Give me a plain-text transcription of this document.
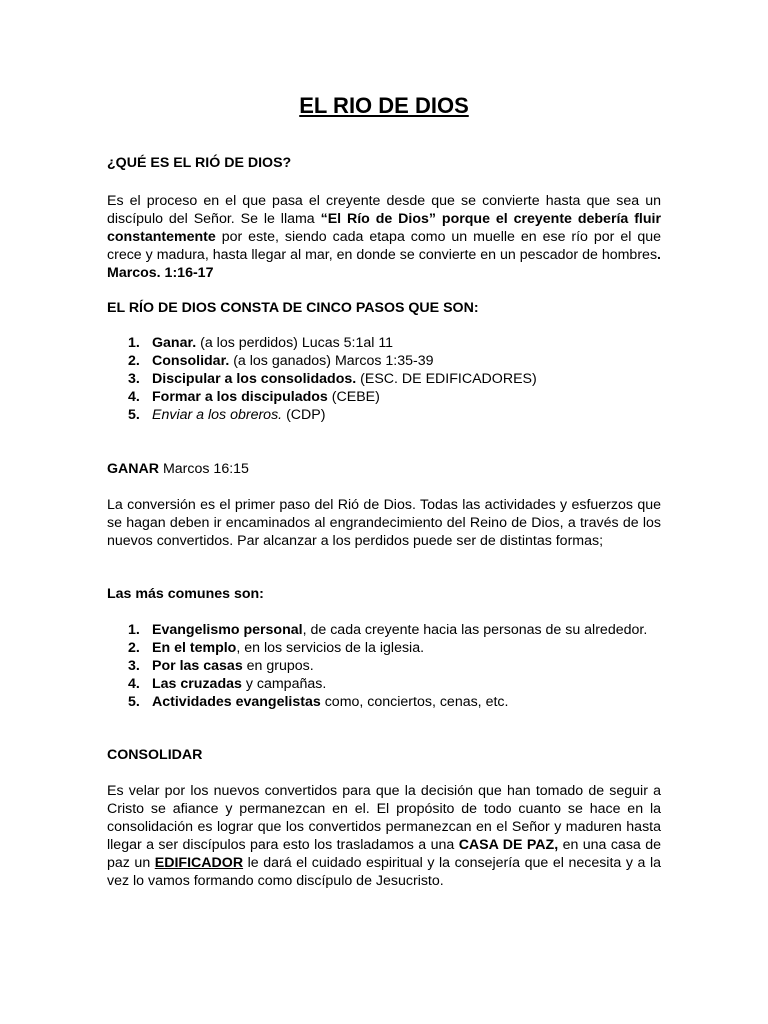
EL RIO DE DIOS

¿QUÉ ES EL RIÓ DE DIOS?

Es el proceso en el que pasa el creyente desde que se convierte hasta que sea un discípulo del Señor. Se le llama “El Río de Dios” porque el creyente debería fluir constantemente por este, siendo cada etapa como un muelle en ese río por el que crece y madura, hasta llegar al mar, en donde se convierte en un pescador de hombres. Marcos. 1:16-17

EL RÍO DE DIOS CONSTA DE CINCO PASOS QUE SON:

1. Ganar. (a los perdidos) Lucas 5:1al 11
2. Consolidar. (a los ganados) Marcos 1:35-39
3. Discipular a los consolidados. (ESC. DE EDIFICADORES)
4. Formar a los discipulados (CEBE)
5. Enviar a los obreros. (CDP)

GANAR Marcos 16:15

La conversión es el primer paso del Rió de Dios. Todas las actividades y esfuerzos que se hagan deben ir encaminados al engrandecimiento del Reino de Dios, a través de los nuevos convertidos. Par alcanzar a los perdidos puede ser de distintas formas;

Las más comunes son:

1. Evangelismo personal, de cada creyente hacia las personas de su alrededor.
2. En el templo, en los servicios de la iglesia.
3. Por las casas en grupos.
4. Las cruzadas y campañas.
5. Actividades evangelistas como, conciertos, cenas, etc.

CONSOLIDAR

Es velar por los nuevos convertidos para que la decisión que han tomado de seguir a Cristo se afiance y permanezcan en el. El propósito de todo cuanto se hace en la consolidación es lograr que los convertidos permanezcan en el Señor y maduren hasta llegar a ser discípulos para esto los trasladamos a una CASA DE PAZ, en una casa de paz un EDIFICADOR le dará el cuidado espiritual y la consejería que el necesita y a la vez lo vamos formando como discípulo de Jesucristo.
